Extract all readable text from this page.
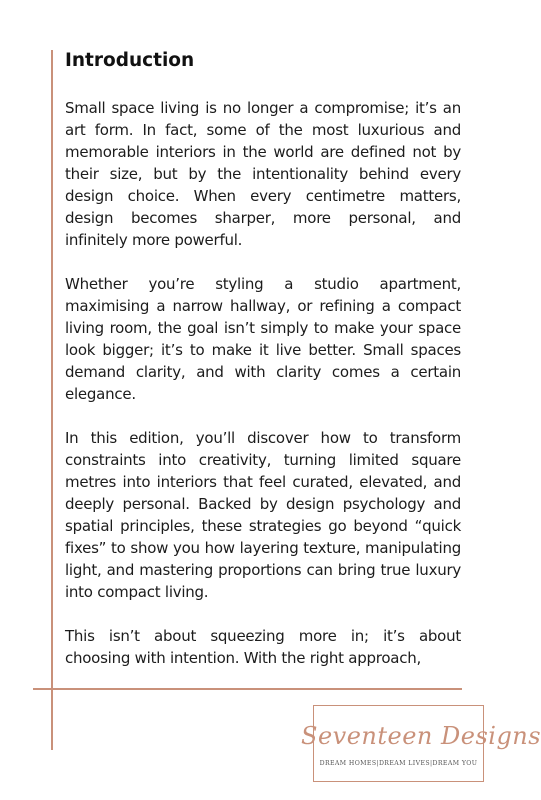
Introduction

Small space living is no longer a compromise; it’s an art form. In fact, some of the most luxurious and memorable interiors in the world are defined not by their size, but by the intentionality behind every design choice. When every centimetre matters, design becomes sharper, more personal, and infinitely more powerful.

Whether you’re styling a studio apartment, maximising a narrow hallway, or refining a compact living room, the goal isn’t simply to make your space look bigger; it’s to make it live better. Small spaces demand clarity, and with clarity comes a certain elegance.

In this edition, you’ll discover how to transform constraints into creativity, turning limited square metres into interiors that feel curated, elevated, and deeply personal. Backed by design psychology and spatial principles, these strategies go beyond “quick fixes” to show you how layering texture, manipulating light, and mastering proportions can bring true luxury into compact living.

This isn’t about squeezing more in; it’s about choosing with intention. With the right approach,

Seventeen Designs
DREAM HOMES|DREAM LIVES|DREAM YOU
